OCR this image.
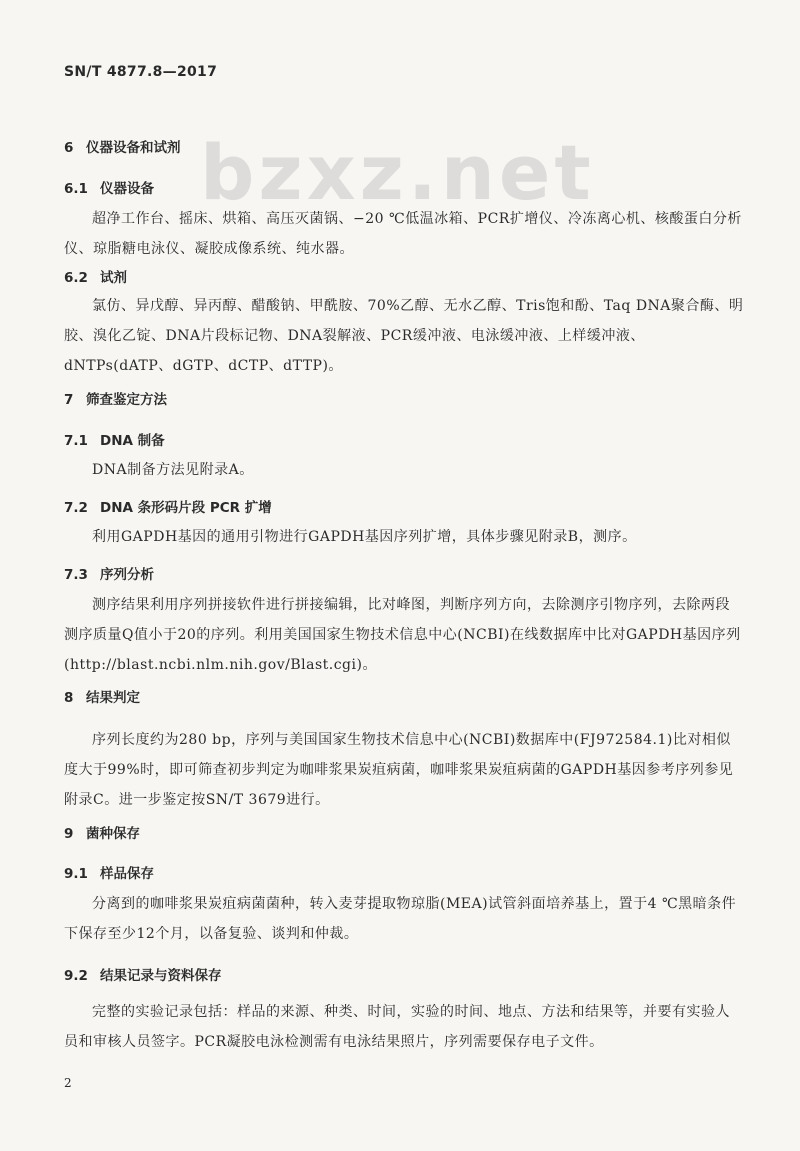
SN/T 4877.8—2017
bzxz.net
6 仪器设备和试剂
6.1 仪器设备

超净工作台、摇床、烘箱、高压灭菌锅、−20 ℃低温冰箱、PCR扩增仪、冷冻离心机、核酸蛋白分析仪、琼脂糖电泳仪、凝胶成像系统、纯水器。

6.2 试剂

氯仿、异戊醇、异丙醇、醋酸钠、甲酰胺、70%乙醇、无水乙醇、Tris饱和酚、Taq DNA聚合酶、明胶、溴化乙锭、DNA片段标记物、DNA裂解液、PCR缓冲液、电泳缓冲液、上样缓冲液、dNTPs(dATP、dGTP、dCTP、dTTP)。

7 筛查鉴定方法
7.1 DNA 制备

DNA制备方法见附录A。

7.2 DNA 条形码片段 PCR 扩增

利用GAPDH基因的通用引物进行GAPDH基因序列扩增，具体步骤见附录B，测序。

7.3 序列分析

测序结果利用序列拼接软件进行拼接编辑，比对峰图，判断序列方向，去除测序引物序列，去除两段测序质量Q值小于20的序列。利用美国国家生物技术信息中心(NCBI)在线数据库中比对GAPDH基因序列(http://blast.ncbi.nlm.nih.gov/Blast.cgi)。

8 结果判定

序列长度约为280 bp，序列与美国国家生物技术信息中心(NCBI)数据库中(FJ972584.1)比对相似度大于99%时，即可筛查初步判定为咖啡浆果炭疽病菌，咖啡浆果炭疽病菌的GAPDH基因参考序列参见附录C。进一步鉴定按SN/T 3679进行。

9 菌种保存
9.1 样品保存

分离到的咖啡浆果炭疽病菌菌种，转入麦芽提取物琼脂(MEA)试管斜面培养基上，置于4 ℃黑暗条件下保存至少12个月，以备复验、谈判和仲裁。

9.2 结果记录与资料保存

完整的实验记录包括：样品的来源、种类、时间，实验的时间、地点、方法和结果等，并要有实验人员和审核人员签字。PCR凝胶电泳检测需有电泳结果照片，序列需要保存电子文件。

2
